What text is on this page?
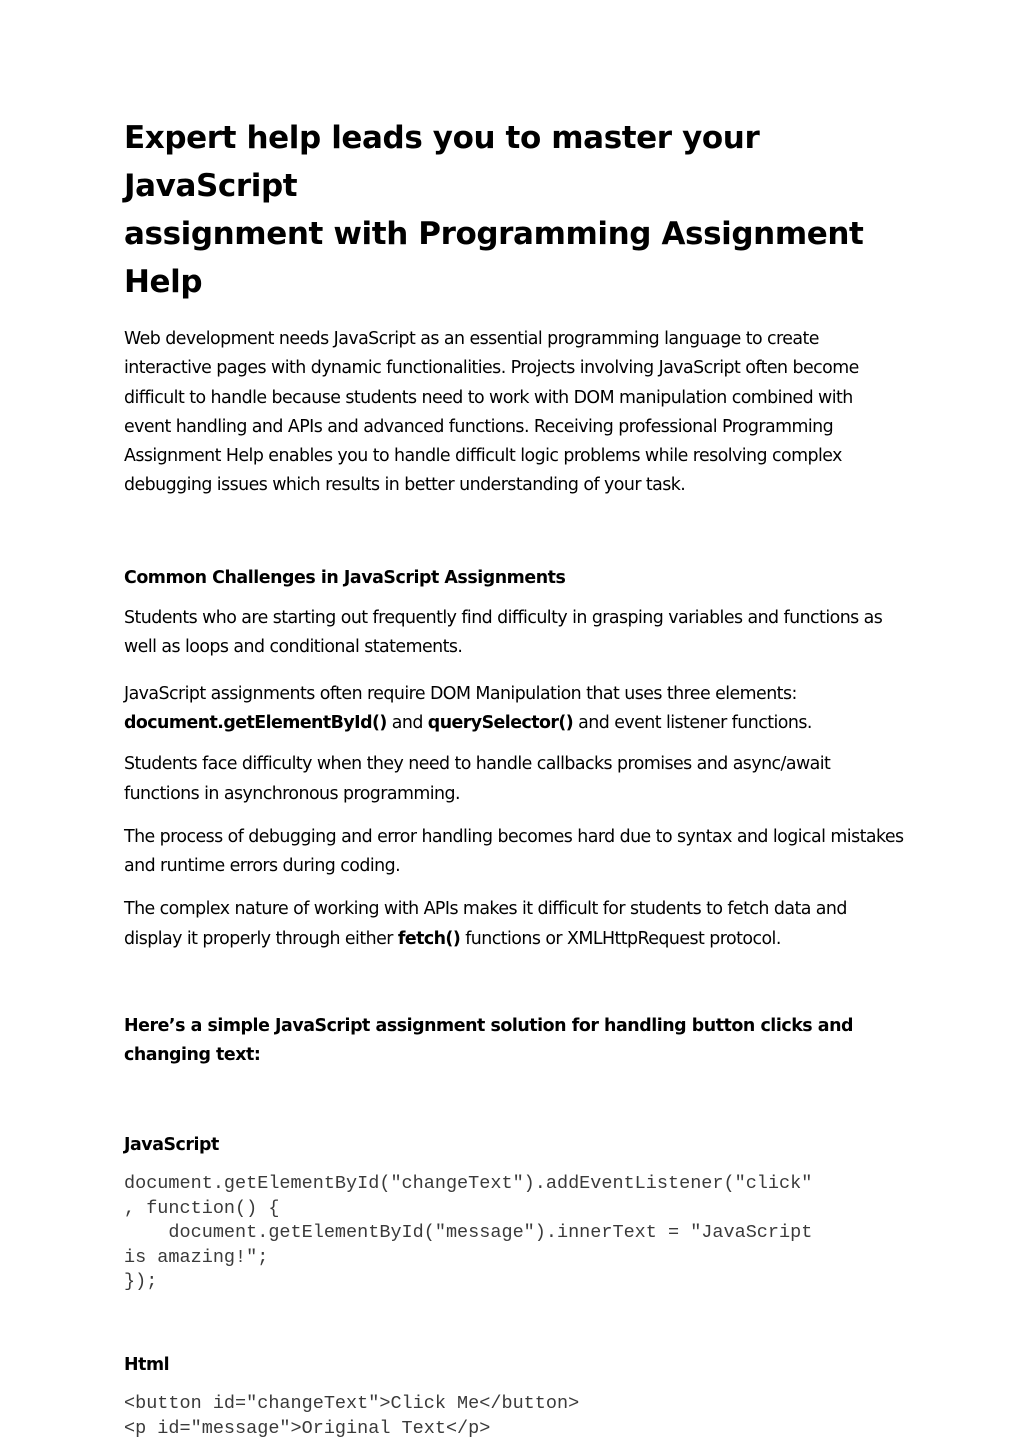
Expert help leads you to master your JavaScript
assignment with Programming Assignment Help

Web development needs JavaScript as an essential programming language to create interactive pages with dynamic functionalities. Projects involving JavaScript often become difficult to handle because students need to work with DOM manipulation combined with event handling and APIs and advanced functions. Receiving professional Programming Assignment Help enables you to handle difficult logic problems while resolving complex debugging issues which results in better understanding of your task.

Common Challenges in JavaScript Assignments

Students who are starting out frequently find difficulty in grasping variables and functions as well as loops and conditional statements.

JavaScript assignments often require DOM Manipulation that uses three elements:
document.getElementById() and querySelector() and event listener functions.

Students face difficulty when they need to handle callbacks promises and async/await functions in asynchronous programming.

The process of debugging and error handling becomes hard due to syntax and logical mistakes and runtime errors during coding.

The complex nature of working with APIs makes it difficult for students to fetch data and display it properly through either fetch() functions or XMLHttpRequest protocol.

Here’s a simple JavaScript assignment solution for handling button clicks and
changing text:
JavaScript
document.getElementById("changeText").addEventListener("click"
, function() {
document.getElementById("message").innerText = "JavaScript
is amazing!";
});
Html
<button id="changeText">Click Me</button>
<p id="message">Original Text</p>
